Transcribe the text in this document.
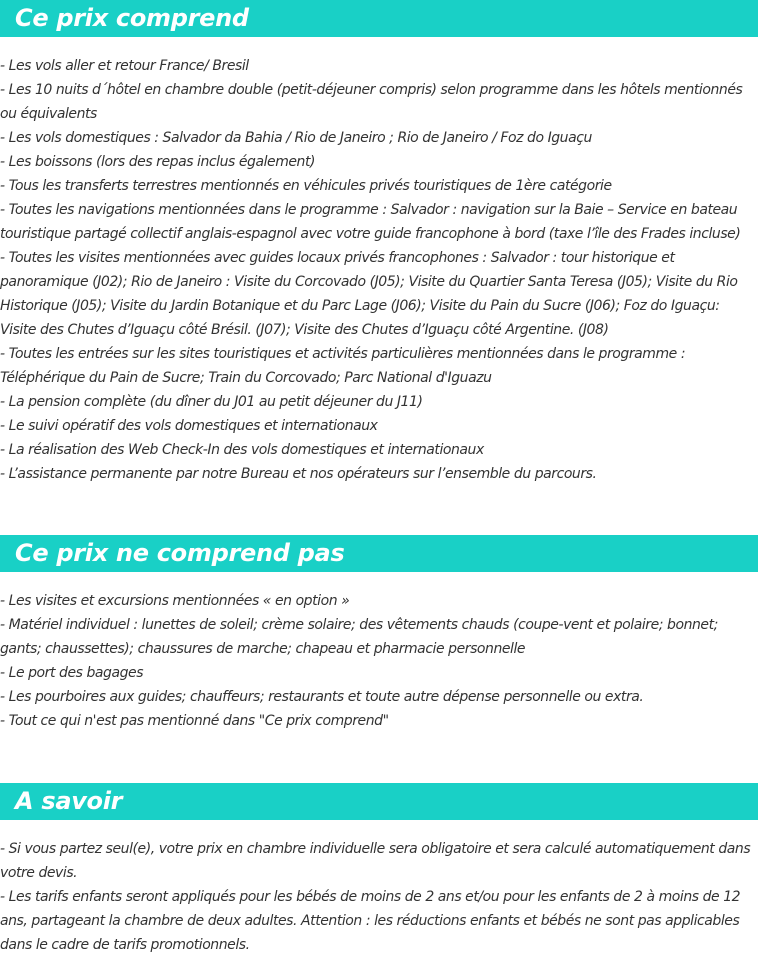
Ce prix comprend
- Les vols aller et retour France/ Bresil
- Les 10 nuits d´hôtel en chambre double (petit-déjeuner compris) selon programme dans les hôtels mentionnés ou équivalents
- Les vols domestiques : Salvador da Bahia / Rio de Janeiro ; Rio de Janeiro / Foz do Iguaçu
- Les boissons (lors des repas inclus également)
- Tous les transferts terrestres mentionnés en véhicules privés touristiques de 1ère catégorie
- Toutes les navigations mentionnées dans le programme : Salvador : navigation sur la Baie – Service en bateau touristique partagé collectif anglais-espagnol avec votre guide francophone à bord (taxe l’île des Frades incluse)
- Toutes les visites mentionnées avec guides locaux privés francophones : Salvador : tour historique et panoramique (J02); Rio de Janeiro : Visite du Corcovado (J05); Visite du Quartier Santa Teresa (J05); Visite du Rio Historique (J05); Visite du Jardin Botanique et du Parc Lage (J06); Visite du Pain du Sucre (J06); Foz do Iguaçu: Visite des Chutes d’Iguaçu côté Brésil. (J07); Visite des Chutes d’Iguaçu côté Argentine. (J08)
- Toutes les entrées sur les sites touristiques et activités particulières mentionnées dans le programme : Téléphérique du Pain de Sucre; Train du Corcovado; Parc National d'Iguazu
- La pension complète (du dîner du J01 au petit déjeuner du J11)
- Le suivi opératif des vols domestiques et internationaux
- La réalisation des Web Check-In des vols domestiques et internationaux
- L’assistance permanente par notre Bureau et nos opérateurs sur l’ensemble du parcours.
Ce prix ne comprend pas
- Les visites et excursions mentionnées « en option »
- Matériel individuel : lunettes de soleil; crème solaire; des vêtements chauds (coupe-vent et polaire; bonnet; gants; chaussettes); chaussures de marche; chapeau et pharmacie personnelle
- Le port des bagages
- Les pourboires aux guides; chauffeurs; restaurants et toute autre dépense personnelle ou extra.
- Tout ce qui n'est pas mentionné dans "Ce prix comprend"
A savoir
- Si vous partez seul(e), votre prix en chambre individuelle sera obligatoire et sera calculé automatiquement dans votre devis.
- Les tarifs enfants seront appliqués pour les bébés de moins de 2 ans et/ou pour les enfants de 2 à moins de 12 ans, partageant la chambre de deux adultes. Attention : les réductions enfants et bébés ne sont pas applicables dans le cadre de tarifs promotionnels.
